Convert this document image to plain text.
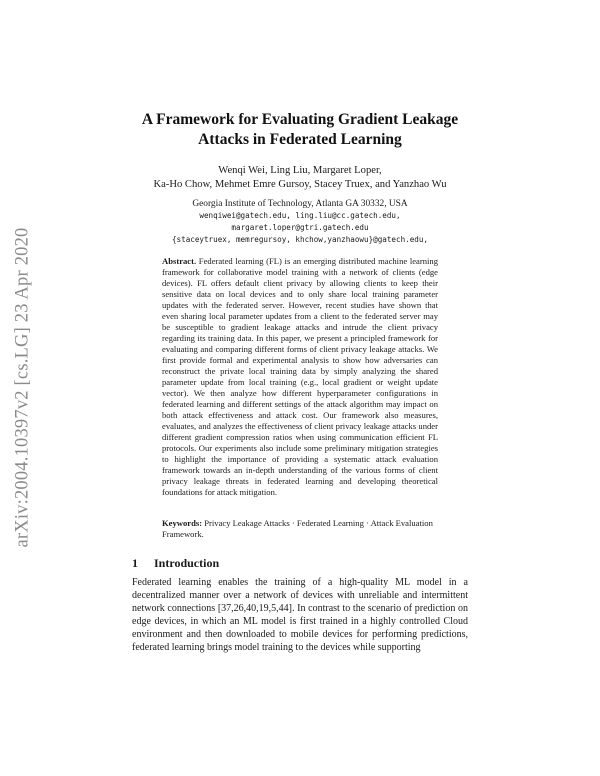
arXiv:2004.10397v2 [cs.LG] 23 Apr 2020
A Framework for Evaluating Gradient Leakage
Attacks in Federated Learning
Wenqi Wei, Ling Liu, Margaret Loper,
Ka-Ho Chow, Mehmet Emre Gursoy, Stacey Truex, and Yanzhao Wu
Georgia Institute of Technology, Atlanta GA 30332, USA
wenqiwei@gatech.edu, ling.liu@cc.gatech.edu,
margaret.loper@gtri.gatech.edu
{staceytruex, memregursoy, khchow,yanzhaowu}@gatech.edu,
Abstract. Federated learning (FL) is an emerging distributed machine learning framework for collaborative model training with a network of clients (edge devices). FL offers default client privacy by allowing clients to keep their sensitive data on local devices and to only share local training parameter updates with the federated server. However, recent studies have shown that even sharing local parameter updates from a client to the federated server may be susceptible to gradient leakage attacks and intrude the client privacy regarding its training data. In this paper, we present a principled framework for evaluating and comparing different forms of client privacy leakage attacks. We first provide formal and experimental analysis to show how adversaries can reconstruct the private local training data by simply analyzing the shared parameter update from local training (e.g., local gradient or weight update vector). We then analyze how different hyperparameter configurations in federated learning and different settings of the attack algorithm may impact on both attack effectiveness and attack cost. Our framework also measures, evaluates, and analyzes the effectiveness of client privacy leakage attacks under different gradient compression ratios when using communication efficient FL protocols. Our experiments also include some preliminary mitigation strategies to highlight the importance of providing a systematic attack evaluation framework towards an in-depth understanding of the various forms of client privacy leakage threats in federated learning and developing theoretical foundations for attack mitigation.
Keywords: Privacy Leakage Attacks · Federated Learning · Attack Evaluation Framework.
1 Introduction
Federated learning enables the training of a high-quality ML model in a decentralized manner over a network of devices with unreliable and intermittent network connections [37,26,40,19,5,44]. In contrast to the scenario of prediction on edge devices, in which an ML model is first trained in a highly controlled Cloud environment and then downloaded to mobile devices for performing predictions, federated learning brings model training to the devices while supporting
